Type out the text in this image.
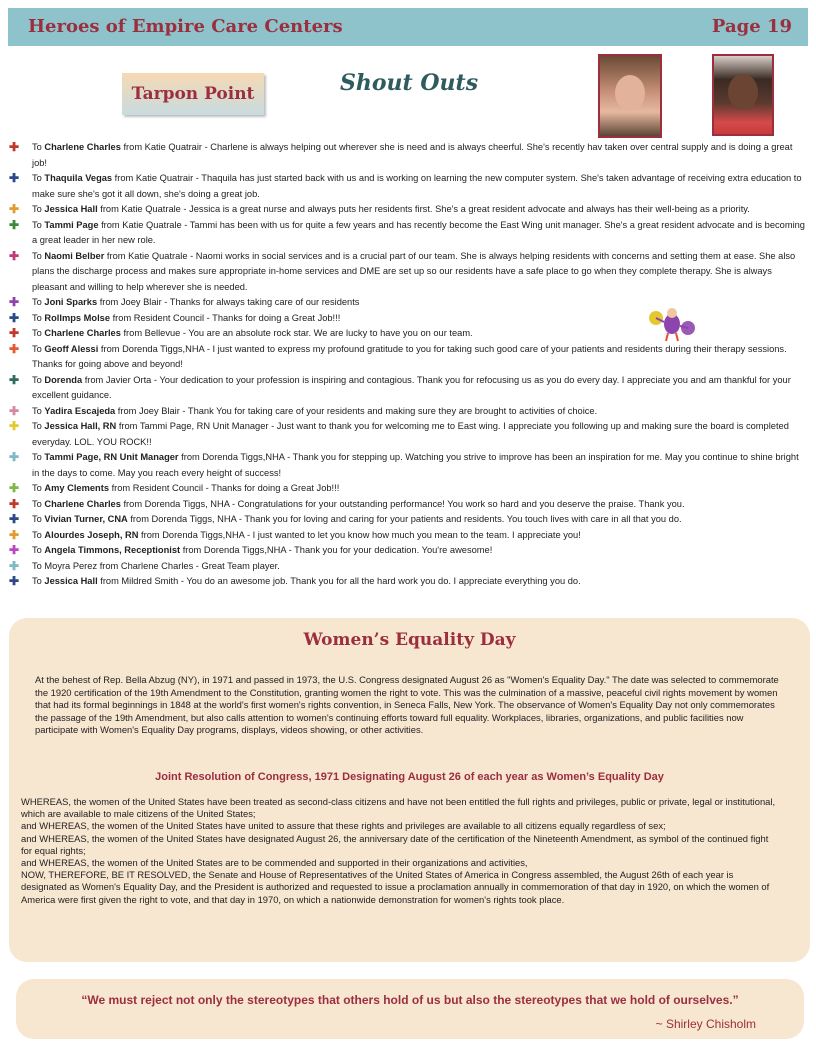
Heroes of Empire Care Centers	Page 19
Tarpon Point	Shout Outs
✚ To Charlene Charles from Katie Quatrair - Charlene is always helping out wherever she is need and is always cheerful. She's recently hav taken over central supply and is doing a great job!
✚ To Thaquila Vegas from Katie Quatrair - Thaquila has just started back with us and is working on learning the new computer system. She's taken advantage of receiving extra education to make sure she's got it all down, she's doing a great job.
✚ To Jessica Hall from Katie Quatrale - Jessica is a great nurse and always puts her residents first. She's a great resident advocate and always has their well-being as a priority.
✚ To Tammi Page from Katie Quatrale - Tammi has been with us for quite a few years and has recently become the East Wing unit manager. She's a great resident advocate and is becoming a great leader in her new role.
✚ To Naomi Belber from Katie Quatrale - Naomi works in social services and is a crucial part of our team. She is always helping residents with concerns and setting them at ease. She also plans the discharge process and makes sure appropriate in-home services and DME are set up so our residents have a safe place to go when they complete therapy. She is always pleasant and willing to help wherever she is needed.
✚ To Joni Sparks from Joey Blair - Thanks for always taking care of our residents
✚ To Rollmps Molse from Resident Council - Thanks for doing a Great Job!!!
✚ To Charlene Charles from Bellevue - You are an absolute rock star. We are lucky to have you on our team.
✚ To Geoff Alessi from Dorenda Tiggs,NHA - I just wanted to express my profound gratitude to you for taking such good care of your patients and residents during their therapy sessions. Thanks for going above and beyond!
✚ To Dorenda from Javier Orta - Your dedication to your profession is inspiring and contagious. Thank you for refocusing us as you do every day. I appreciate you and am thankful for your excellent guidance.
✚ To Yadira Escajeda from Joey Blair - Thank You for taking care of your residents and making sure they are brought to activities of choice.
✚ To Jessica Hall, RN from Tammi Page, RN Unit Manager - Just want to thank you for welcoming me to East wing. I appreciate you following up and making sure the board is completed everyday. LOL. YOU ROCK!!
✚ To Tammi Page, RN Unit Manager from Dorenda Tiggs,NHA - Thank you for stepping up. Watching you strive to improve has been an inspiration for me. May you continue to shine bright in the days to come. May you reach every height of success!
✚ To Amy Clements from Resident Council - Thanks for doing a Great Job!!!
✚ To Charlene Charles from Dorenda Tiggs, NHA - Congratulations for your outstanding performance! You work so hard and you deserve the praise. Thank you.
✚ To Vivian Turner, CNA from Dorenda Tiggs, NHA - Thank you for loving and caring for your patients and residents. You touch lives with care in all that you do.
✚ To Alourdes Joseph, RN from Dorenda Tiggs,NHA - I just wanted to let you know how much you mean to the team. I appreciate you!
✚ To Angela Timmons, Receptionist from Dorenda Tiggs,NHA - Thank you for your dedication. You're awesome!
✚ To Moyra Perez from Charlene Charles - Great Team player.
✚ To Jessica Hall from Mildred Smith - You do an awesome job. Thank you for all the hard work you do. I appreciate everything you do.
Women’s Equality Day
At the behest of Rep. Bella Abzug (NY), in 1971 and passed in 1973, the U.S. Congress designated August 26 as "Women's Equality Day." The date was selected to commemorate the 1920 certification of the 19th Amendment to the Constitution, granting women the right to vote. This was the culmination of a massive, peaceful civil rights movement by women that had its formal beginnings in 1848 at the world's first women's rights convention, in Seneca Falls, New York. The observance of Women's Equality Day not only commemorates the passage of the 19th Amendment, but also calls attention to women's continuing efforts toward full equality. Workplaces, libraries, organizations, and public facilities now participate with Women's Equality Day programs, displays, videos showing, or other activities.
Joint Resolution of Congress, 1971 Designating August 26 of each year as Women’s Equality Day
WHEREAS, the women of the United States have been treated as second-class citizens and have not been entitled the full rights and privileges, public or private, legal or institutional, which are available to male citizens of the United States;
and WHEREAS, the women of the United States have united to assure that these rights and privileges are available to all citizens equally regardless of sex;
and WHEREAS, the women of the United States have designated August 26, the anniversary date of the certification of the Nineteenth Amendment, as symbol of the continued fight for equal rights;
and WHEREAS, the women of the United States are to be commended and supported in their organizations and activities,
NOW, THEREFORE, BE IT RESOLVED, the Senate and House of Representatives of the United States of America in Congress assembled, the August 26th of each year is designated as Women's Equality Day, and the President is authorized and requested to issue a proclamation annually in commemoration of that day in 1920, on which the women of America were first given the right to vote, and that day in 1970, on which a nationwide demonstration for women's rights took place.
“We must reject not only the stereotypes that others hold of us but also the stereotypes that we hold of ourselves.”
~ Shirley Chisholm
